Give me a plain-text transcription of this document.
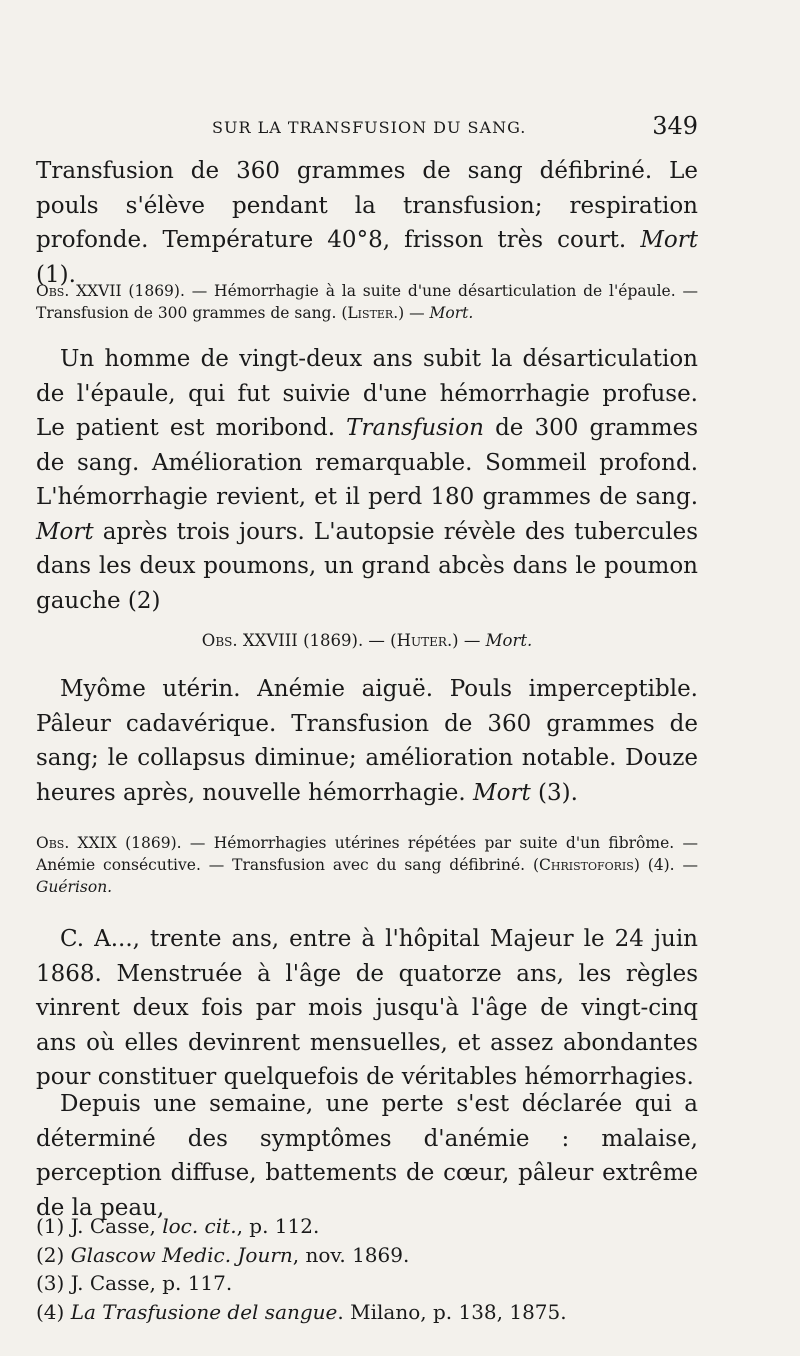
SUR LA TRANSFUSION DU SANG.	349
Transfusion de 360 grammes de sang défibriné. Le pouls s'élève pendant la transfusion; respiration profonde. Température 40°8, frisson très court. Mort (1).
Obs. XXVII (1869). — Hémorrhagie à la suite d'une désarticulation de l'épaule. — Transfusion de 300 grammes de sang. (Lister.) — Mort.
Un homme de vingt-deux ans subit la désarticulation de l'épaule, qui fut suivie d'une hémorrhagie profuse. Le patient est moribond. Transfusion de 300 grammes de sang. Amélioration remarquable. Sommeil profond. L'hémorrhagie revient, et il perd 180 grammes de sang. Mort après trois jours. L'autopsie révèle des tubercules dans les deux poumons, un grand abcès dans le poumon gauche (2)
Obs. XXVIII (1869). — (Huter.) — Mort.
Myôme utérin. Anémie aiguë. Pouls imperceptible. Pâleur cadavérique. Transfusion de 360 grammes de sang; le collapsus diminue; amélioration notable. Douze heures après, nouvelle hémorrhagie. Mort (3).
Obs. XXIX (1869). — Hémorrhagies utérines répétées par suite d'un fibrôme. — Anémie consécutive. — Transfusion avec du sang défibriné. (Christoforis) (4). — Guérison.
C. A..., trente ans, entre à l'hôpital Majeur le 24 juin 1868. Menstruée à l'âge de quatorze ans, les règles vinrent deux fois par mois jusqu'à l'âge de vingt-cinq ans où elles devinrent mensuelles, et assez abondantes pour constituer quelquefois de véritables hémorrhagies.
Depuis une semaine, une perte s'est déclarée qui a déterminé des symptômes d'anémie : malaise, perception diffuse, battements de cœur, pâleur extrême de la peau,
(1) J. Casse, loc. cit., p. 112.
(2) Glascow Medic. Journ, nov. 1869.
(3) J. Casse, p. 117.
(4) La Trasfusione del sangue. Milano, p. 138, 1875.
